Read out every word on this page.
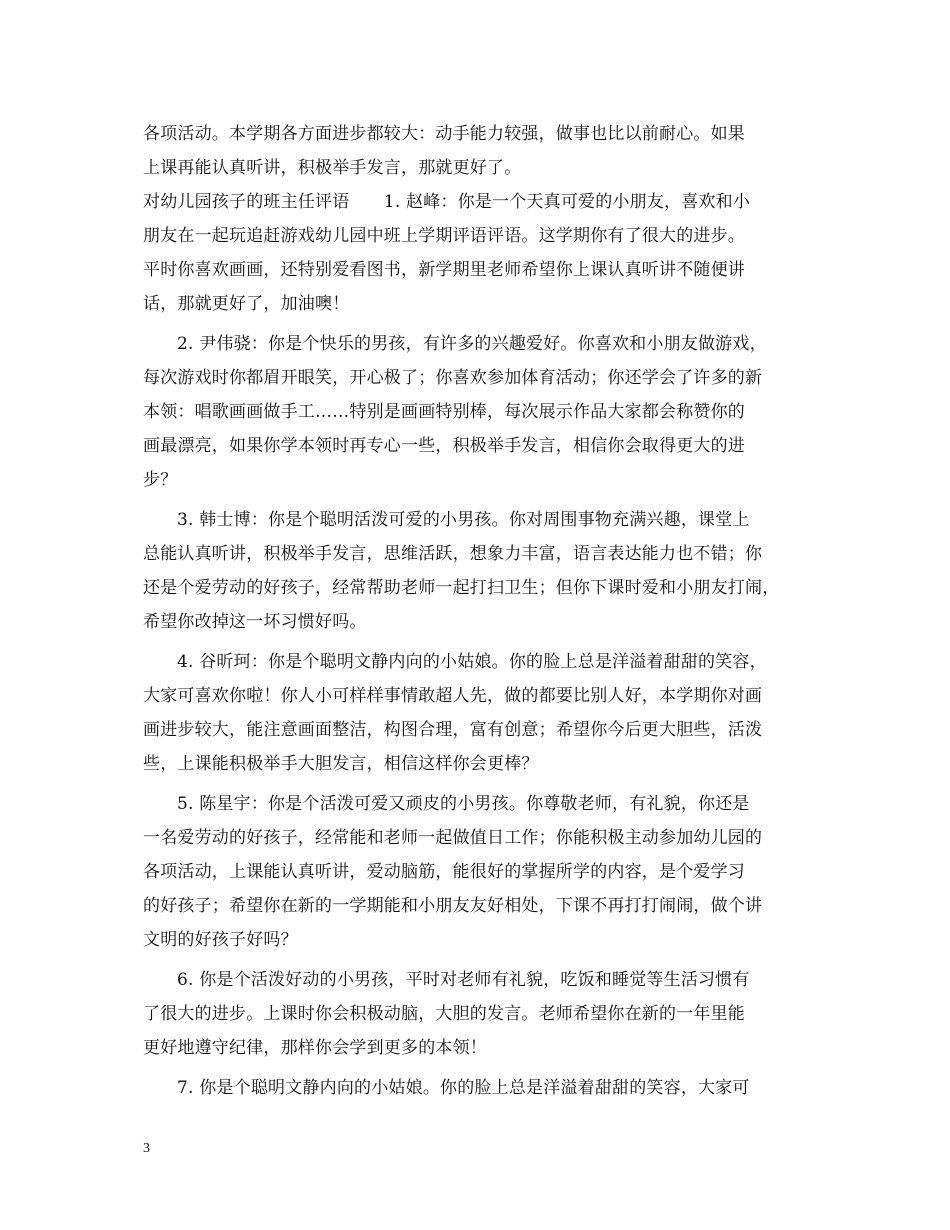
各项活动。本学期各方面进步都较大：动手能力较强，做事也比以前耐心。如果
上课再能认真听讲，积极举手发言，那就更好了。

对幼儿园孩子的班主任评语　　1. 赵峰：你是一个天真可爱的小朋友，喜欢和小
朋友在一起玩追赶游戏幼儿园中班上学期评语评语。这学期你有了很大的进步。
平时你喜欢画画，还特别爱看图书，新学期里老师希望你上课认真听讲不随便讲
话，那就更好了，加油噢！

2. 尹伟骁：你是个快乐的男孩，有许多的兴趣爱好。你喜欢和小朋友做游戏，
每次游戏时你都眉开眼笑，开心极了；你喜欢参加体育活动；你还学会了许多的新
本领：唱歌画画做手工……特别是画画特别棒，每次展示作品大家都会称赞你的
画最漂亮，如果你学本领时再专心一些，积极举手发言，相信你会取得更大的进
步？

3. 韩士博：你是个聪明活泼可爱的小男孩。你对周围事物充满兴趣，课堂上
总能认真听讲，积极举手发言，思维活跃，想象力丰富，语言表达能力也不错；你
还是个爱劳动的好孩子，经常帮助老师一起打扫卫生；但你下课时爱和小朋友打闹，
希望你改掉这一坏习惯好吗。

4. 谷昕珂：你是个聪明文静内向的小姑娘。你的脸上总是洋溢着甜甜的笑容，
大家可喜欢你啦！你人小可样样事情敢超人先，做的都要比别人好，本学期你对画
画进步较大，能注意画面整洁，构图合理，富有创意；希望你今后更大胆些，活泼
些，上课能积极举手大胆发言，相信这样你会更棒？

5. 陈星宇：你是个活泼可爱又顽皮的小男孩。你尊敬老师，有礼貌，你还是
一名爱劳动的好孩子，经常能和老师一起做值日工作；你能积极主动参加幼儿园的
各项活动，上课能认真听讲，爱动脑筋，能很好的掌握所学的内容，是个爱学习
的好孩子；希望你在新的一学期能和小朋友友好相处，下课不再打打闹闹，做个讲
文明的好孩子好吗？

6. 你是个活泼好动的小男孩，平时对老师有礼貌，吃饭和睡觉等生活习惯有
了很大的进步。上课时你会积极动脑，大胆的发言。老师希望你在新的一年里能
更好地遵守纪律，那样你会学到更多的本领！

7. 你是个聪明文静内向的小姑娘。你的脸上总是洋溢着甜甜的笑容，大家可

3
